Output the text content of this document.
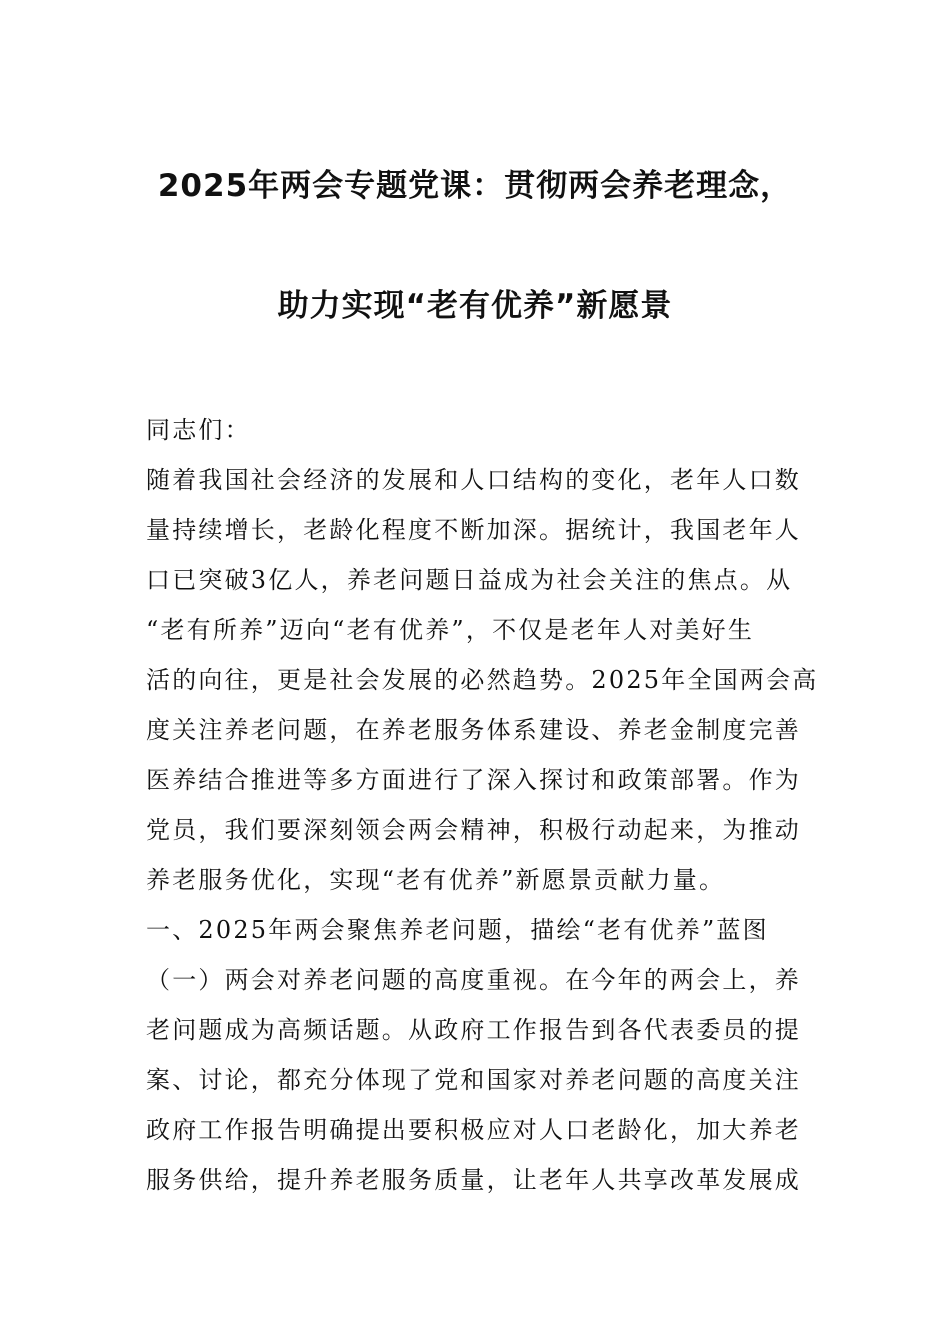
2025年两会专题党课：贯彻两会养老理念，
助力实现“老有优养”新愿景
同志们：
随着我国社会经济的发展和人口结构的变化，老年人口数
量持续增长，老龄化程度不断加深。据统计，我国老年人
口已突破3亿人，养老问题日益成为社会关注的焦点。从
“老有所养”迈向“老有优养”，不仅是老年人对美好生
活的向往，更是社会发展的必然趋势。2025年全国两会高
度关注养老问题，在养老服务体系建设、养老金制度完善
医养结合推进等多方面进行了深入探讨和政策部署。作为
党员，我们要深刻领会两会精神，积极行动起来，为推动
养老服务优化，实现“老有优养”新愿景贡献力量。
一、2025年两会聚焦养老问题，描绘“老有优养”蓝图
（一）两会对养老问题的高度重视。在今年的两会上，养
老问题成为高频话题。从政府工作报告到各代表委员的提
案、讨论，都充分体现了党和国家对养老问题的高度关注
政府工作报告明确提出要积极应对人口老龄化，加大养老
服务供给，提升养老服务质量，让老年人共享改革发展成
